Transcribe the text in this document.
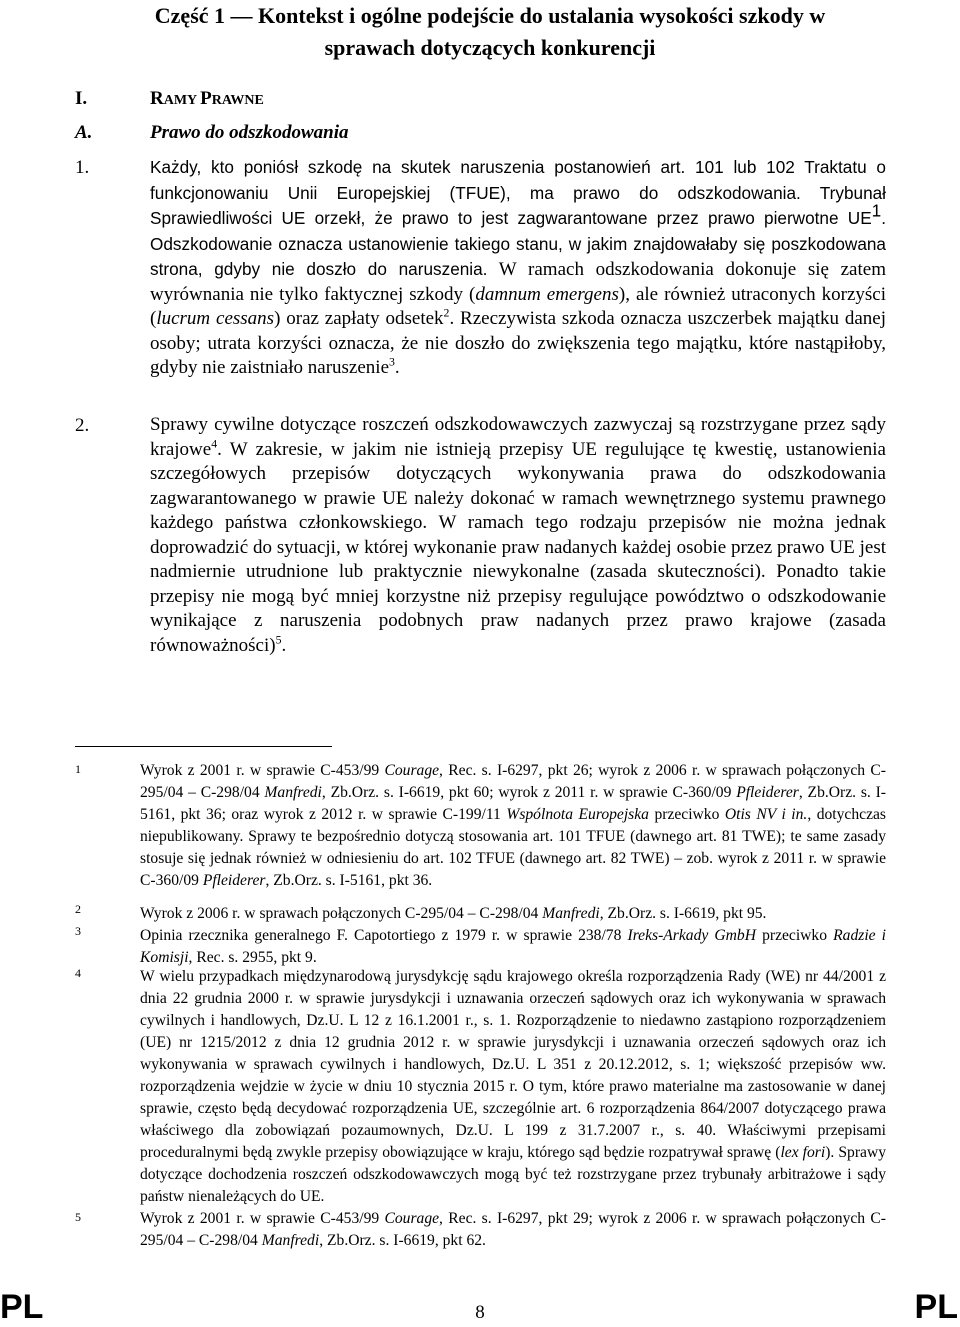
Część 1 — Kontekst i ogólne podejście do ustalania wysokości szkody w
sprawach dotyczących konkurencji
I.	RAMY PRAWNE
A.	Prawo do odszkodowania
1.	Każdy, kto poniósł szkodę na skutek naruszenia postanowień art. 101 lub 102 Traktatu o funkcjonowaniu Unii Europejskiej (TFUE), ma prawo do odszkodowania. Trybunał Sprawiedliwości UE orzekł, że prawo to jest zagwarantowane przez prawo pierwotne $UE^1$. Odszkodowanie oznacza ustanowienie takiego stanu, w jakim znajdowałaby się poszkodowana strona, gdyby nie doszło do naruszenia. W ramach odszkodowania dokonuje się zatem wyrównania nie tylko faktycznej szkody (damnum emergens), ale również utraconych korzyści (lucrum cessans) oraz zapłaty odsetek$^2$. Rzeczywista szkoda oznacza uszczerbek majątku danej osoby; utrata korzyści oznacza, że nie doszło do zwiększenia tego majątku, które nastąpiłoby, gdyby nie zaistniało naruszenie$^3$.
2.	Sprawy cywilne dotyczące roszczeń odszkodowawczych zazwyczaj są rozstrzygane przez sądy krajowe$^4$. W zakresie, w jakim nie istnieją przepisy UE regulujące tę kwestię, ustanowienia szczegółowych przepisów dotyczących wykonywania prawa do odszkodowania zagwarantowanego w prawie UE należy dokonać w ramach wewnętrznego systemu prawnego każdego państwa członkowskiego. W ramach tego rodzaju przepisów nie można jednak doprowadzić do sytuacji, w której wykonanie praw nadanych każdej osobie przez prawo UE jest nadmiernie utrudnione lub praktycznie niewykonalne (zasada skuteczności). Ponadto takie przepisy nie mogą być mniej korzystne niż przepisy regulujące powództwo o odszkodowanie wynikające z naruszenia podobnych praw nadanych przez prawo krajowe (zasada równoważności)$^5$.
1	Wyrok z 2001 r. w sprawie C-453/99 Courage, Rec. s. I-6297, pkt 26; wyrok z 2006 r. w sprawach połączonych C-295/04 – C-298/04 Manfredi, Zb.Orz. s. I-6619, pkt 60; wyrok z 2011 r. w sprawie C-360/09 Pfleiderer, Zb.Orz. s. I-5161, pkt 36; oraz wyrok z 2012 r. w sprawie C-199/11 Wspólnota Europejska przeciwko Otis NV i in., dotychczas niepublikowany. Sprawy te bezpośrednio dotyczą stosowania art. 101 TFUE (dawnego art. 81 TWE); te same zasady stosuje się jednak również w odniesieniu do art. 102 TFUE (dawnego art. 82 TWE) – zob. wyrok z 2011 r. w sprawie C-360/09 Pfleiderer, Zb.Orz. s. I-5161, pkt 36.
2	Wyrok z 2006 r. w sprawach połączonych C-295/04 – C-298/04 Manfredi, Zb.Orz. s. I-6619, pkt 95.
3	Opinia rzecznika generalnego F. Capotortiego z 1979 r. w sprawie 238/78 Ireks-Arkady GmbH przeciwko Radzie i Komisji, Rec. s. 2955, pkt 9.
4	W wielu przypadkach międzynarodową jurysdykcję sądu krajowego określa rozporządzenia Rady (WE) nr 44/2001 z dnia 22 grudnia 2000 r. w sprawie jurysdykcji i uznawania orzeczeń sądowych oraz ich wykonywania w sprawach cywilnych i handlowych, Dz.U. L 12 z 16.1.2001 r., s. 1. Rozporządzenie to niedawno zastąpiono rozporządzeniem (UE) nr 1215/2012 z dnia 12 grudnia 2012 r. w sprawie jurysdykcji i uznawania orzeczeń sądowych oraz ich wykonywania w sprawach cywilnych i handlowych, Dz.U. L 351 z 20.12.2012, s. 1; większość przepisów ww. rozporządzenia wejdzie w życie w dniu 10 stycznia 2015 r. O tym, które prawo materialne ma zastosowanie w danej sprawie, często będą decydować rozporządzenia UE, szczególnie art. 6 rozporządzenia 864/2007 dotyczącego prawa właściwego dla zobowiązań pozaumownych, Dz.U. L 199 z 31.7.2007 r., s. 40. Właściwymi przepisami proceduralnymi będą zwykle przepisy obowiązujące w kraju, którego sąd będzie rozpatrywał sprawę (lex fori). Sprawy dotyczące dochodzenia roszczeń odszkodowawczych mogą być też rozstrzygane przez trybunały arbitrażowe i sądy państw nienależących do UE.
5	Wyrok z 2001 r. w sprawie C-453/99 Courage, Rec. s. I-6297, pkt 29; wyrok z 2006 r. w sprawach połączonych C-295/04 – C-298/04 Manfredi, Zb.Orz. s. I-6619, pkt 62.
PL	8	PL
